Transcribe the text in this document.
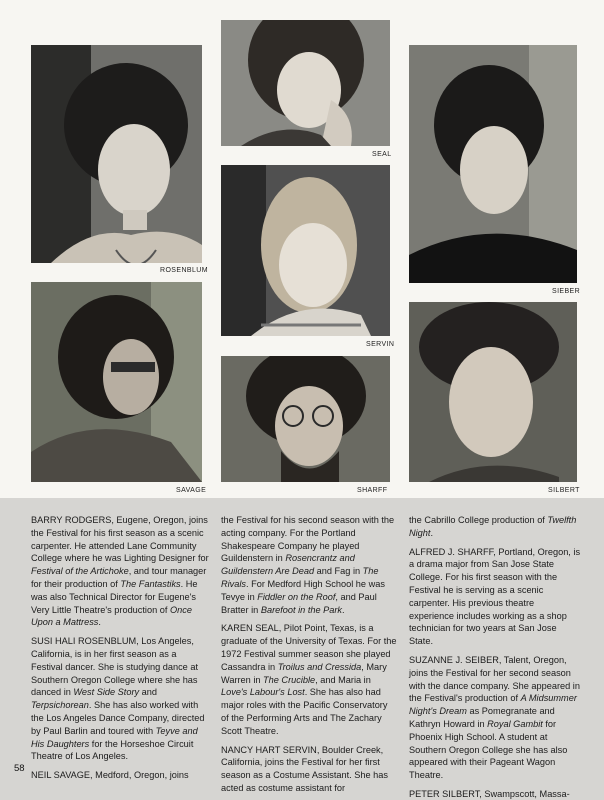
ROSENBLUM
SEAL
SERVIN
SIEBER
SAVAGE	SHARFF	SILBERT

BARRY RODGERS, Eugene, Oregon, joins the Festival for his first season as a scenic carpenter. He attended Lane Community College where he was Lighting Designer for Festival of the Artichoke, and tour manager for their production of The Fantastiks. He was also Technical Director for Eugene's Very Little Theatre's production of Once Upon a Mattress.

SUSI HALI ROSENBLUM, Los Angeles, California, is in her first season as a Festival dancer. She is studying dance at Southern Oregon College where she has danced in West Side Story and Terpsichorean. She has also worked with the Los Angeles Dance Company, directed by Paul Barlin and toured with Teyve and His Daughters for the Horseshoe Circuit Theatre of Los Angeles.

NEIL SAVAGE, Medford, Oregon, joins

the Festival for his second season with the acting company. For the Portland Shakespeare Company he played Guildenstern in Rosencrantz and Guildenstern Are Dead and Fag in The Rivals. For Medford High School he was Tevye in Fiddler on the Roof, and Paul Bratter in Barefoot in the Park.

KAREN SEAL, Pilot Point, Texas, is a graduate of the University of Texas. For the 1972 Festival summer season she played Cassandra in Troilus and Cressida, Mary Warren in The Crucible, and Maria in Love's Labour's Lost. She has also had major roles with the Pacific Conservatory of the Performing Arts and The Zachary Scott Theatre.

NANCY HART SERVIN, Boulder Creek, California, joins the Festival for her first season as a Costume Assistant. She has acted as costume assistant for

the Cabrillo College production of Twelfth Night.

ALFRED J. SHARFF, Portland, Oregon, is a drama major from San Jose State College. For his first season with the Festival he is serving as a scenic carpenter. His previous theatre experience includes working as a shop technician for two years at San Jose State.

SUZANNE J. SEIBER, Talent, Oregon, joins the Festival for her second season with the dance company. She appeared in the Festival's production of A Midsummer Night's Dream as Pomegranate and Kathryn Howard in Royal Gambit for Phoenix High School. A student at Southern Oregon College she has also appeared with their Pageant Wagon Theatre.

PETER SILBERT, Swampscott, Massa-

58
